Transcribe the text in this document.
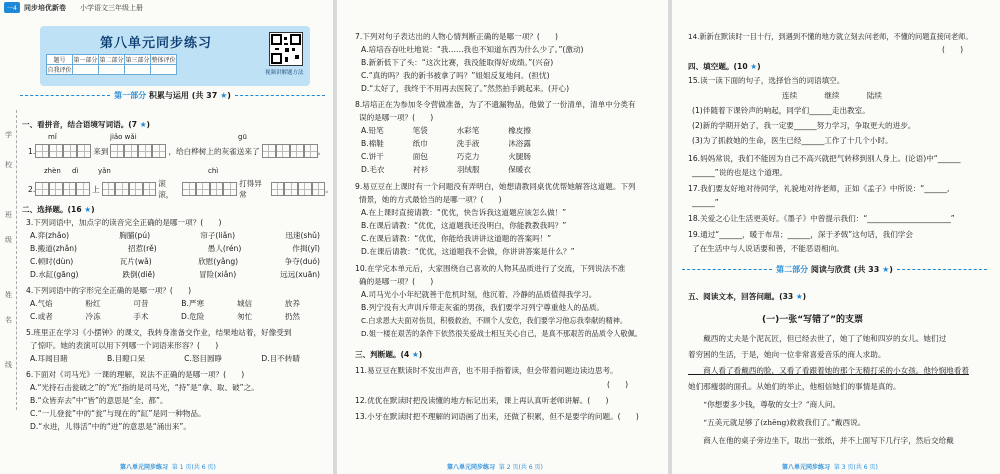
一4	同步培优新卷 小学语文三年级上册
学
校
班
级
姓
名
线
第八单元同步练习
题号	第一部分	第二部分	第三部分	整体评价
自我评价					视频讲解题方法
第一部分 积累与运用 (共 37 ★)
一、看拼音，结合语境写词语。(7 ★)
mǐ	jiǎo wǎi	gū
1.	来到	，给白桦树上的灰雀送来了	。
zhèn dì	yǎn	chì
2.	上
滚滚，
打得异常
。
二、选择题。(16 ★)
3.下列词语中，加点字的读音完全正确的是哪一项？(　　)
A.弈(zhǎo)	胸脯(pú)	帘子(liǎn)	迅速(shǔ)
B.搬道(zhǎn)	招惹(rě)	愚人(rén)	作揖(yī)
C.顿时(dùn)	瓦片(wǎ)	欣慰(yǎng)	争夺(duó)
D.水缸(gāng)	跌倒(diē)	冒险(xiǎn)	远远(xuān)
4.下列词语中的字形完全正确的是哪一项？(　　)
A.气焰	粉红	可昔	B.严寒	城信	放养
C.或者	冷冻	手术	D.危险	匆忙	扔然
5.班里正在学习《小摆钟》的课文，我转身准备交作业，结果地站着，好像受到
了惊吓。她的表演可以用下列哪一个词语来形容？(　　)
A.耳闻目睹	B.目瞪口呆	C.怒目圆睁	D.目不转睛
6.下面对《司马光》一课的理解，说法不正确的是哪一项？(　　)
A.“光持石击瓮破之”的“光”指的是司马光，“持”是“拿、取、破”之。
B.“众皆弃去”中“皆”的意思是“全、都”。
C.“一儿登瓮”中的“瓮”与现在的“缸”是同一种物品。
D.“水进，儿得活”中的“迸”的意思是“涌出来”。
第八单元同步练习 第 1 页(共 6 页)
7.下列对句子表达出的人物心情判断正确的是哪一项？(　　)
A.培培吞吞吐吐地说：“我……我也不知道东西为什么少了。”(激动)
B.新新低下了头：“这次比赛，我没能取得好成绩。”(兴奋)
C.“真的吗？我的新书被拿了吗？”姐姐反复地问。(担忧)
D.“太好了，我终于不用再去医院了。”然然拍手跳起来。(开心)
8.培培正在为参加冬令营做准备，为了不遗漏物品，他做了一份清单，清单中分类有
误的是哪一项？(　　)
A.铅笔	笔袋	水彩笔	橡皮擦
B.棉鞋	纸巾	洗手液	沐浴露
C.饼干	面包	巧克力	火腿肠
D.毛衣	衬衫	羽绒服	保暖衣
9.易豆豆在上课时有一个问题没有弄明白，她想请教同桌优优帮她解答这道题。下列
情景，她的方式最恰当的是哪一项？(　　)
A.在上课时直接请教：“优优，快告诉我这道题应该怎么做！”
B.在课后请教：“优优，这道题我还没明白，你能教教我吗？”
C.在课后请教：“优优，你能给我讲讲这道题的答案吗！”
D.在课后请教：“优优，这道题我不会做，你讲讲答案是什么？”
10.在学完本单元后，大家围绕自己喜欢的人物其品质进行了交流，下列说法不准
确的是哪一项？(　　)
A.司马光小小年纪就善于危机时刻，他沉着、冷静的品质值得我学习。
B.列宁没有大声训斥带走灰雀的男孩，我们要学习列宁尊重他人的品质。
C.白求恩大夫面对伤员，积极救治，不顾个人安危，我们要学习他忘我奉献的精神。
D.姐一楼在艰苦的条件下依然很关爱战士相互关心自己，是真不那艰苦的品质令人敬佩。
三、判断题。(4 ★)
11.易豆豆在默读时不发出声音，也不用手指着读，但会带着问题边读边思考。
(　　)
12.优优在默读时把没读懂的地方标记出来，课上再认真听老师讲解。(　　)
13.小牙在默读时把不理解的词语画了出来，还做了积累，但不是要学的问题。(　　)
第八单元同步练习 第 2 页(共 6 页)
14.新新在默读时一目十行，到遇到不懂的地方就立刻去问老师，不懂的问题直接问老师。
(　　)
四、填空题。(10 ★)
15.读一读下面的句子，选择恰当的词语填空。
连续	继续	陆续
(1)伴随着下课铃声的响起，同学们______走出教室。
(2)新的学期开始了，我一定要______努力学习，争取更大的进步。
(3)为了抓救她的生命，医生已经______工作了十几个小时。
16.妈妈常说，我们不能因为自己不高兴就把气转移到别人身上。(论语)中“______
______”说的也是这个道理。
17.我们要友好地对待同学，礼貌地对待老师，正如《孟子》中所说：“______,
______”
18.关爱之心让生活更美好。《墨子》中曾提示我们：“______________________”
19.通过“______，暖于布帛；______，深于矛戟”这句话，我们学会
了在生活中与人说话要和善，不能恶语相向。
第二部分 阅读与欣赏 (共 33 ★)
五、阅读文本，回答问题。(33 ★)
(一)一张“写错了”的支票
　　戴西的丈夫是个泥瓦匠，但已经去世了，她丁了她和四岁的女儿。她们过
着穷困的生活，于是，她向一位非常喜爱音乐的商人求助。
　　商人看了看戴西的脸，又看了看跟着她的那个无精打采的小女孩。他怜悯地看着
她们那瘦弱的面孔。从她们的举止，他相信她们的事情是真的。
　　“你想要多少钱，尊敬的女士？”商人问。
　　“五美元就足够了(zhēng)救救我们了。”戴西说。
　　商人在他的桌子旁边坐下，取出一张纸，并不上面写下几行字，然后交给戴
第八单元同步练习 第 3 页(共 6 页)
